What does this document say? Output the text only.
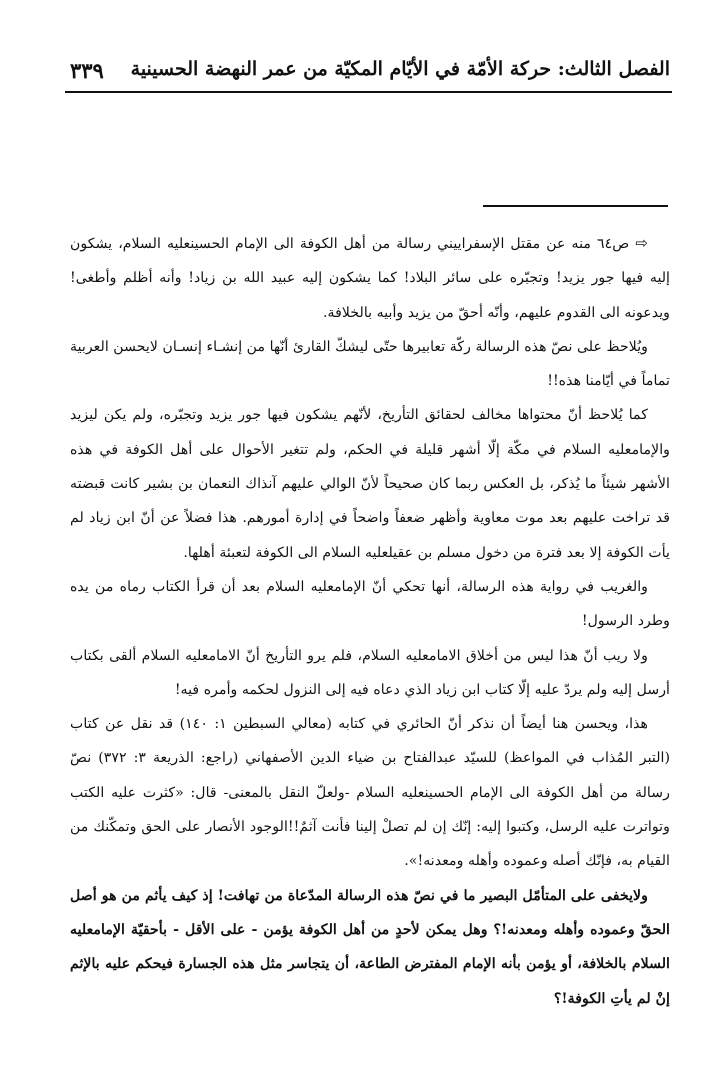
الفصل الثالث: حركة الأمّة في الأيّام المكيّة من عمر النهضة الحسينية
٣٣٩

⇨ ص٦٤ منه عن مقتل الإسفراييني رسالة من أهل الكوفة الى الإمام الحسينعليه السلام، يشكون إليه فيها جور يزيد! وتجبّره على سائر البلاد! كما يشكون إليه عبيد الله بن زياد! وأنه أظلم وأطغى! ويدعونه الى القدوم عليهم، وأنّه أحقّ من يزيد وأبيه بالخلافة.

ويُلاحظ على نصّ هذه الرسالة ركّة تعابيرها حتّى ليشكّ القارئ أنّها من إنشـاء إنسـان لايحسن العربية تماماً في أيّامنا هذه!!

كما يُلاحظ أنّ محتواها مخالف لحقائق التأريخ، لأنّهم يشكون فيها جور يزيد وتجبّره، ولم يكن ليزيد والإمامعليه السلام في مكّة إلّا أشهر قليلة في الحكم، ولم تتغير الأحوال على أهل الكوفة في هذه الأشهر شيئاً ما يُذكر، بل العكس ربما كان صحيحاً لأنّ الوالي عليهم آنذاك النعمان بن بشير كانت قبضته قد تراخت عليهم بعد موت معاوية وأظهر ضعفاً واضحاً في إدارة أمورهم. هذا فضلاً عن أنّ ابن زياد لم يأت الكوفة إلا بعد فترة من دخول مسلم بن عقيلعليه السلام الى الكوفة لتعبئة أهلها.

والغريب في رواية هذه الرسالة، أنها تحكي أنّ الإمامعليه السلام بعد أن قرأ الكتاب رماه من يده وطرد الرسول!

ولا ريب أنّ هذا ليس من أخلاق الامامعليه السلام، فلم يرو التأريخ أنّ الامامعليه السلام ألقى بكتاب أرسل إليه ولم يردّ عليه إلّا كتاب ابن زياد الذي دعاه فيه إلى النزول لحكمه وأمره فيه!

هذا، ويحسن هنا أيضاً أن نذكر أنّ الحائري في كتابه (معالي السبطين ١: ١٤٠) قد نقل عن كتاب (التبر المُذاب في المواعظ) للسيّد عبدالفتاح بن ضياء الدين الأصفهاني (راجع: الذريعة ٣: ٣٧٢) نصّ رسالة من أهل الكوفة الى الإمام الحسينعليه السلام -ولعلّ النقل بالمعنى- قال: «كثرت عليه الكتب وتواترت عليه الرسل، وكتبوا إليه: إنّك إن لم تصلْ إلينا فأنت آثمٌ!!الوجود الأنصار على الحق وتمكّنك من القيام به، فإنّك أصله وعموده وأهله ومعدنه!».

ولايخفى على المتأمّل البصير ما في نصّ هذه الرسالة المدّعاة من تهافت! إذ كيف يأثم من هو أصل الحقّ وعموده وأهله ومعدنه!؟ وهل يمكن لأحدٍ من أهل الكوفة يؤمن - على الأقل - بأحقيّة الإمامعليه السلام بالخلافة، أو يؤمن بأنه الإمام المفترض الطاعة، أن يتجاسر مثل هذه الجسارة فيحكم عليه بالإثم إنْ لم يأتِ الكوفة!؟
